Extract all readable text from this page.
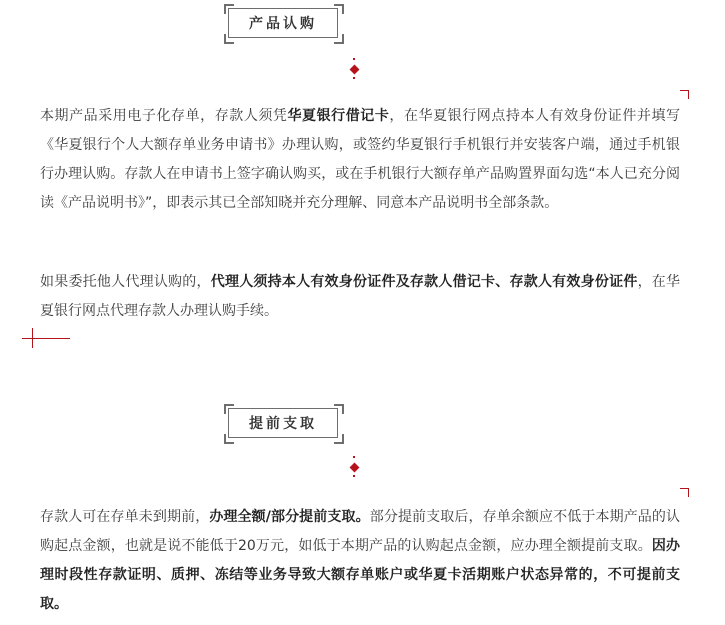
产品认购

本期产品采用电子化存单，存款人须凭华夏银行借记卡，在华夏银行网点持本人有效身份证件并填写《华夏银行个人大额存单业务申请书》办理认购，或签约华夏银行手机银行并安装客户端，通过手机银行办理认购。存款人在申请书上签字确认购买，或在手机银行大额存单产品购置界面勾选“本人已充分阅读《产品说明书》”，即表示其已全部知晓并充分理解、同意本产品说明书全部条款。

如果委托他人代理认购的，代理人须持本人有效身份证件及存款人借记卡、存款人有效身份证件，在华夏银行网点代理存款人办理认购手续。

提前支取

存款人可在存单未到期前，办理全额/部分提前支取。部分提前支取后，存单余额应不低于本期产品的认购起点金额，也就是说不能低于20万元，如低于本期产品的认购起点金额，应办理全额提前支取。因办理时段性存款证明、质押、冻结等业务导致大额存单账户或华夏卡活期账户状态异常的，不可提前支取。
